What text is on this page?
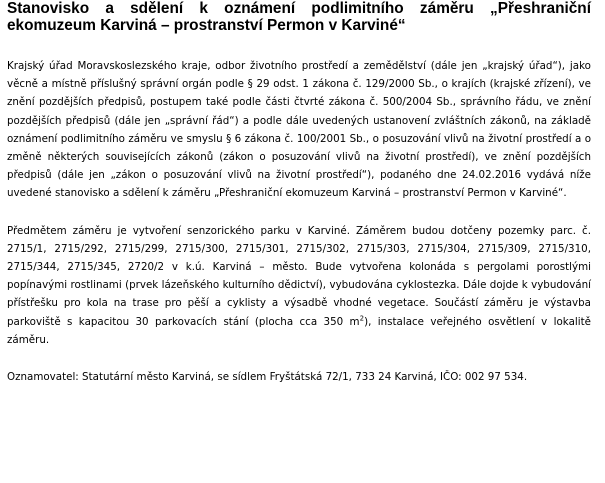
Stanovisko a sdělení k oznámení podlimitního záměru „Přeshraniční ekomuzeum Karviná – prostranství Permon v Karviné“

Krajský úřad Moravskoslezského kraje, odbor životního prostředí a zemědělství (dále jen „krajský úřad“), jako věcně a místně příslušný správní orgán podle § 29 odst. 1 zákona č. 129/2000 Sb., o krajích (krajské zřízení), ve znění pozdějších předpisů, postupem také podle části čtvrté zákona č. 500/2004 Sb., správního řádu, ve znění pozdějších předpisů (dále jen „správní řád“) a podle dále uvedených ustanovení zvláštních zákonů, na základě oznámení podlimitního záměru ve smyslu § 6 zákona č. 100/2001 Sb., o posuzování vlivů na životní prostředí a o změně některých souvisejících zákonů (zákon o posuzování vlivů na životní prostředí), ve znění pozdějších předpisů (dále jen „zákon o posuzování vlivů na životní prostředí“), podaného dne 24.02.2016 vydává níže uvedené stanovisko a sdělení k záměru „Přeshraniční ekomuzeum Karviná – prostranství Permon v Karviné“.

Předmětem záměru je vytvoření senzorického parku v Karviné. Záměrem budou dotčeny pozemky parc. č. 2715/1, 2715/292, 2715/299, 2715/300, 2715/301, 2715/302, 2715/303, 2715/304, 2715/309, 2715/310, 2715/344, 2715/345, 2720/2 v k.ú. Karviná – město. Bude vytvořena kolonáda s pergolami porostlými popínavými rostlinami (prvek lázeňského kulturního dědictví), vybudována cyklostezka. Dále dojde k vybudování přístřešku pro kola na trase pro pěší a cyklisty a výsadbě vhodné vegetace. Součástí záměru je výstavba parkoviště s kapacitou 30 parkovacích stání (plocha cca 350 $m^2$), instalace veřejného osvětlení v lokalitě záměru.

Oznamovatel: Statutární město Karviná, se sídlem Fryštátská 72/1, 733 24 Karviná, IČO: 002 97 534.
